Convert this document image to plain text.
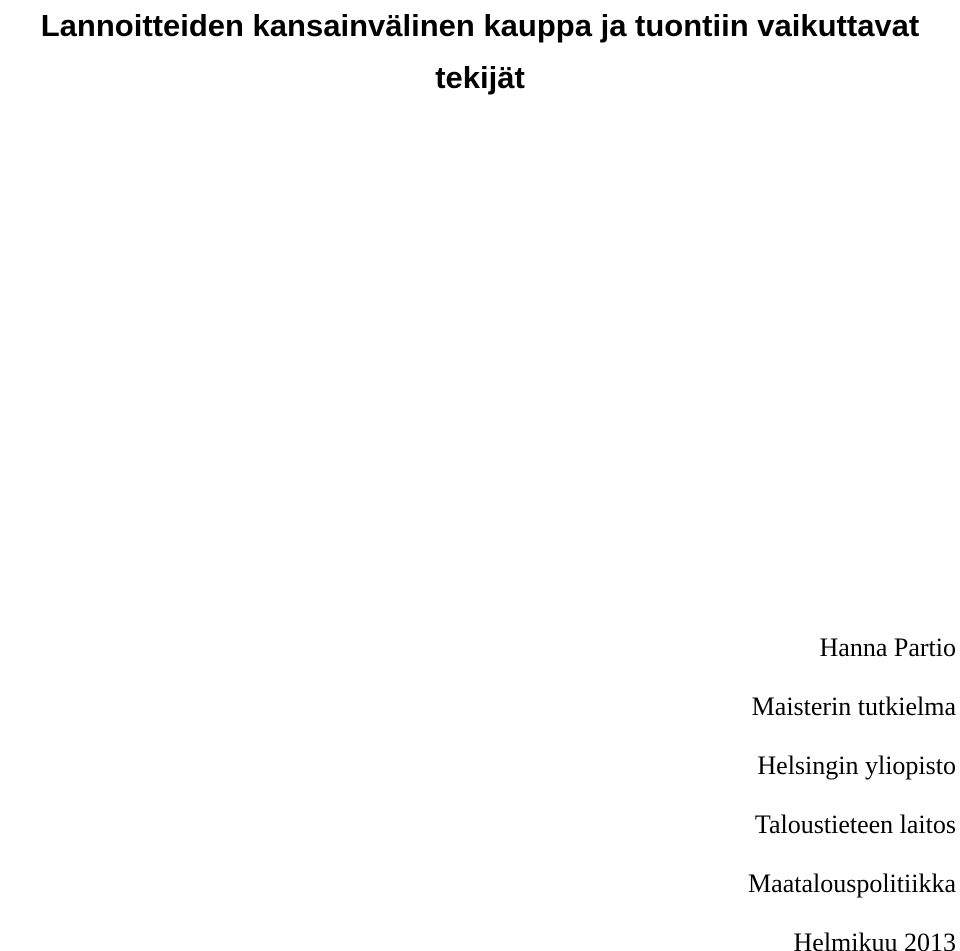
Lannoitteiden kansainvälinen kauppa ja tuontiin vaikuttavat tekijät
Hanna Partio
Maisterin tutkielma
Helsingin yliopisto
Taloustieteen laitos
Maatalouspolitiikka
Helmikuu 2013
